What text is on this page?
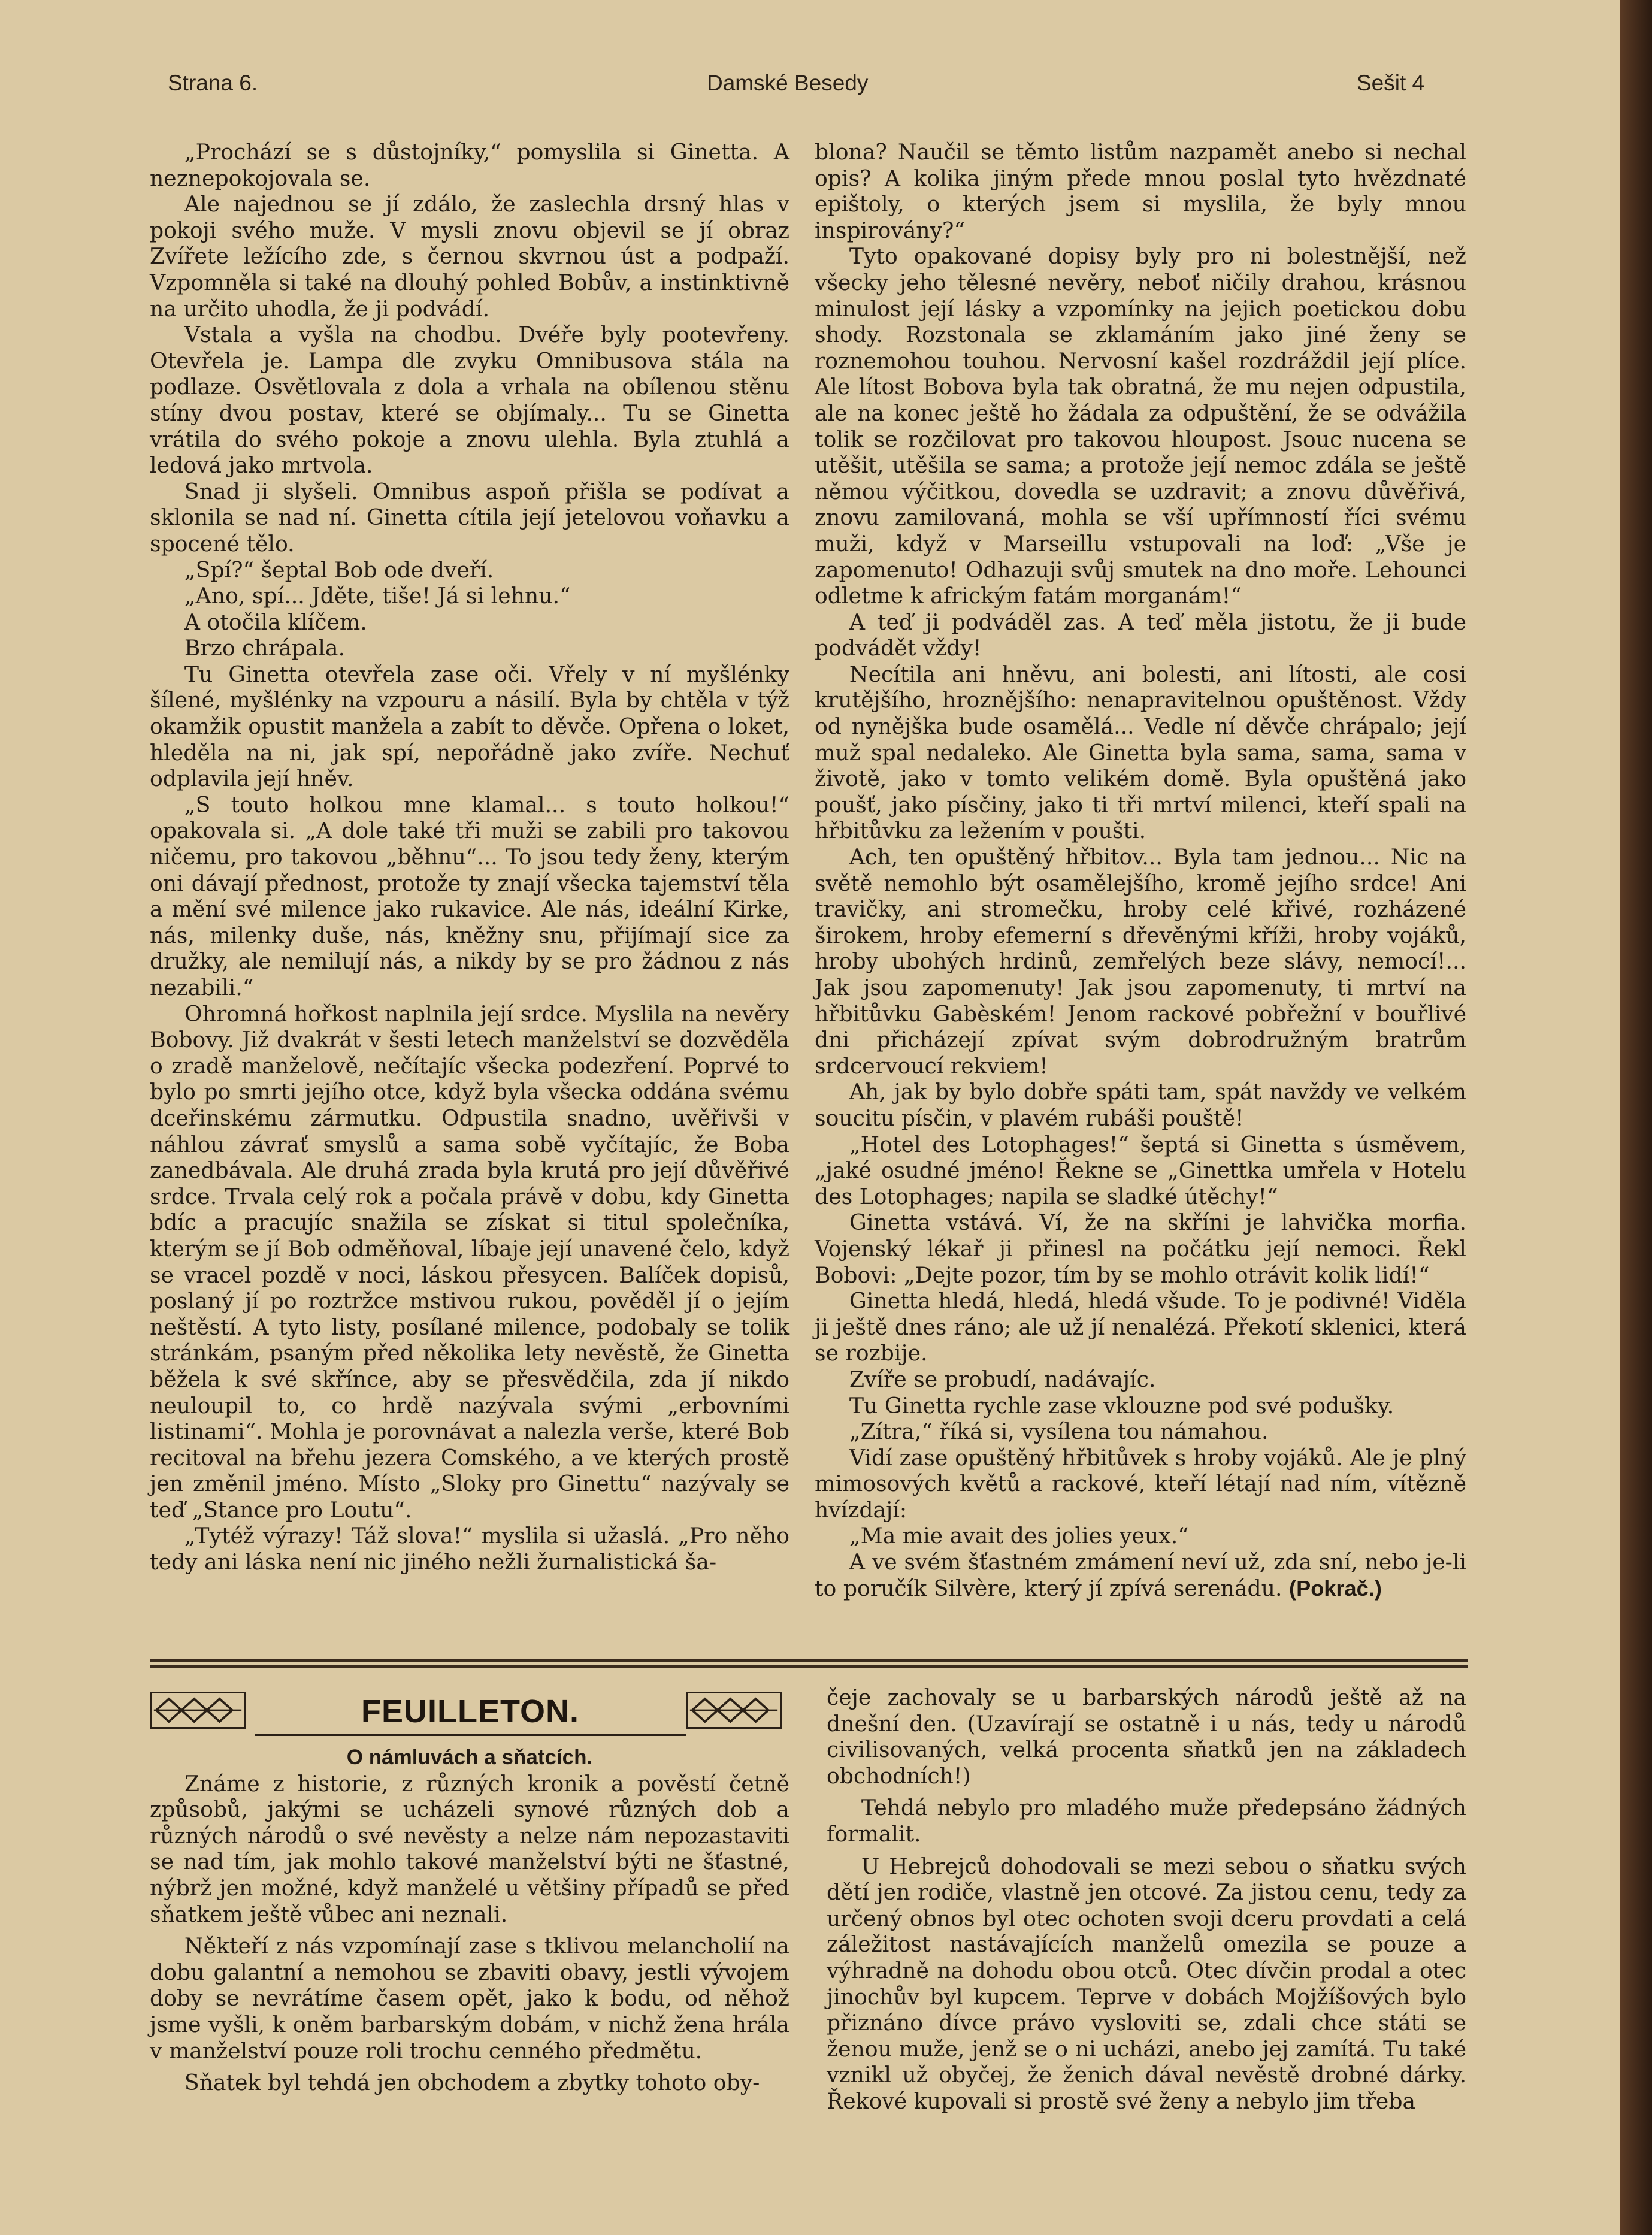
Strana 6.	Damské Besedy	Sešit 4

„Prochází se s důstojníky,“ pomyslila si Ginetta. A neznepokojovala se.

Ale najednou se jí zdálo, že zaslechla drsný hlas v pokoji svého muže. V mysli znovu objevil se jí obraz Zvířete ležícího zde, s černou skvrnou úst a podpaží. Vzpomněla si také na dlouhý pohled Bobův, a instinktivně na určito uhodla, že ji podvádí.

Vstala a vyšla na chodbu. Dvéře byly pootevřeny. Otevřela je. Lampa dle zvyku Omnibusova stála na podlaze. Osvětlovala z dola a vrhala na obílenou stěnu stíny dvou postav, které se objímaly... Tu se Ginetta vrátila do svého pokoje a znovu ulehla. Byla ztuhlá a ledová jako mrtvola.

Snad ji slyšeli. Omnibus aspoň přišla se podívat a sklonila se nad ní. Ginetta cítila její jetelovou voňavku a spocené tělo.

„Spí?“ šeptal Bob ode dveří.

„Ano, spí... Jděte, tiše! Já si lehnu.“

A otočila klíčem.

Brzo chrápala.

Tu Ginetta otevřela zase oči. Vřely v ní myšlénky šílené, myšlénky na vzpouru a násilí. Byla by chtěla v týž okamžik opustit manžela a zabít to děvče. Opřena o loket, hleděla na ni, jak spí, nepořádně jako zvíře. Nechuť odplavila její hněv.

„S touto holkou mne klamal... s touto holkou!“ opakovala si. „A dole také tři muži se zabili pro takovou ničemu, pro takovou „běhnu“... To jsou tedy ženy, kterým oni dávají přednost, protože ty znají všecka tajemství těla a mění své milence jako rukavice. Ale nás, ideální Kirke, nás, milenky duše, nás, kněžny snu, přijímají sice za družky, ale nemilují nás, a nikdy by se pro žádnou z nás nezabili.“

Ohromná hořkost naplnila její srdce. Myslila na nevěry Bobovy. Již dvakrát v šesti letech manželství se dozvěděla o zradě manželově, nečítajíc všecka podezření. Poprvé to bylo po smrti jejího otce, když byla všecka oddána svému dceřinskému zármutku. Odpustila snadno, uvěřivši v náhlou závrať smyslů a sama sobě vyčítajíc, že Boba zanedbávala. Ale druhá zrada byla krutá pro její důvěřivé srdce. Trvala celý rok a počala právě v dobu, kdy Ginetta bdíc a pracujíc snažila se získat si titul společníka, kterým se jí Bob odměňoval, líbaje její unavené čelo, když se vracel pozdě v noci, láskou přesycen. Balíček dopisů, poslaný jí po roztržce mstivou rukou, pověděl jí o jejím neštěstí. A tyto listy, posílané milence, podobaly se tolik stránkám, psaným před několika lety nevěstě, že Ginetta běžela k své skřínce, aby se přesvědčila, zda jí nikdo neuloupil to, co hrdě nazývala svými „erbovními listinami“. Mohla je porovnávat a nalezla verše, které Bob recitoval na břehu jezera Comského, a ve kterých prostě jen změnil jméno. Místo „Sloky pro Ginettu“ nazývaly se teď „Stance pro Loutu“.

„Tytéž výrazy! Táž slova!“ myslila si užaslá. „Pro něho tedy ani láska není nic jiného nežli žurnalistická ša-

blona? Naučil se těmto listům nazpamět anebo si nechal opis? A kolika jiným přede mnou poslal tyto hvězdnaté epištoly, o kterých jsem si myslila, že byly mnou inspirovány?“

Tyto opakované dopisy byly pro ni bolestnější, než všecky jeho tělesné nevěry, neboť ničily drahou, krásnou minulost její lásky a vzpomínky na jejich poetickou dobu shody. Rozstonala se zklamáním jako jiné ženy se roznemohou touhou. Nervosní kašel rozdráždil její plíce. Ale lítost Bobova byla tak obratná, že mu nejen odpustila, ale na konec ještě ho žádala za odpuštění, že se odvážila tolik se rozčilovat pro takovou hloupost. Jsouc nucena se utěšit, utěšila se sama; a protože její nemoc zdála se ještě němou výčitkou, dovedla se uzdravit; a znovu důvěřivá, znovu zamilovaná, mohla se vší upřímností říci svému muži, když v Marseillu vstupovali na loď: „Vše je zapomenuto! Odhazuji svůj smutek na dno moře. Lehounci odletme k africkým fatám morganám!“

A teď ji podváděl zas. A teď měla jistotu, že ji bude podvádět vždy!

Necítila ani hněvu, ani bolesti, ani lítosti, ale cosi krutějšího, hroznějšího: nenapravitelnou opuštěnost. Vždy od nynějška bude osamělá... Vedle ní děvče chrápalo; její muž spal nedaleko. Ale Ginetta byla sama, sama, sama v životě, jako v tomto velikém domě. Byla opuštěná jako poušť, jako písčiny, jako ti tři mrtví milenci, kteří spali na hřbitůvku za ležením v poušti.

Ach, ten opuštěný hřbitov... Byla tam jednou... Nic na světě nemohlo být osamělejšího, kromě jejího srdce! Ani travičky, ani stromečku, hroby celé křivé, rozházené širokem, hroby efemerní s dřevěnými kříži, hroby vojáků, hroby ubohých hrdinů, zemřelých beze slávy, nemocí!... Jak jsou zapomenuty! Jak jsou zapomenuty, ti mrtví na hřbitůvku Gabèském! Jenom rackové pobřežní v bouřlivé dni přicházejí zpívat svým dobrodružným bratrům srdcervoucí rekviem!

Ah, jak by bylo dobře spáti tam, spát navždy ve velkém soucitu písčin, v plavém rubáši pouště!

„Hotel des Lotophages!“ šeptá si Ginetta s úsměvem, „jaké osudné jméno! Řekne se „Ginettka umřela v Hotelu des Lotophages; napila se sladké útěchy!“

Ginetta vstává. Ví, že na skříni je lahvička morfia. Vojenský lékař ji přinesl na počátku její nemoci. Řekl Bobovi: „Dejte pozor, tím by se mohlo otrávit kolik lidí!“

Ginetta hledá, hledá, hledá všude. To je podivné! Viděla ji ještě dnes ráno; ale už jí nenalézá. Překotí sklenici, která se rozbije.

Zvíře se probudí, nadávajíc.

Tu Ginetta rychle zase vklouzne pod své podušky.

„Zítra,“ říká si, vysílena tou námahou.

Vidí zase opuštěný hřbitůvek s hroby vojáků. Ale je plný mimosových květů a rackové, kteří létají nad ním, vítězně hvízdají:

„Ma mie avait des jolies yeux.“

A ve svém šťastném zmámení neví už, zda sní, nebo je-li to poručík Silvère, který jí zpívá serenádu. (Pokrač.)

FEUILLETON.

O námluvách a sňatcích.

Známe z historie, z různých kronik a pověstí četně způsobů, jakými se ucházeli synové různých dob a různých národů o své nevěsty a nelze nám nepozastaviti se nad tím, jak mohlo takové manželství býti ne šťastné, nýbrž jen možné, když manželé u většiny případů se před sňatkem ještě vůbec ani neznali.

Někteří z nás vzpomínají zase s tklivou melancholií na dobu galantní a nemohou se zbaviti obavy, jestli vývojem doby se nevrátíme časem opět, jako k bodu, od něhož jsme vyšli, k oněm barbarským dobám, v nichž žena hrála v manželství pouze roli trochu cenného předmětu.

Sňatek byl tehdá jen obchodem a zbytky tohoto oby-

čeje zachovaly se u barbarských národů ještě až na dnešní den. (Uzavírají se ostatně i u nás, tedy u národů civilisovaných, velká procenta sňatků jen na základech obchodních!)

Tehdá nebylo pro mladého muže předepsáno žádných formalit.

U Hebrejců dohodovali se mezi sebou o sňatku svých dětí jen rodiče, vlastně jen otcové. Za jistou cenu, tedy za určený obnos byl otec ochoten svoji dceru provdati a celá záležitost nastávajících manželů omezila se pouze a výhradně na dohodu obou otců. Otec dívčin prodal a otec jinochův byl kupcem. Teprve v dobách Mojžíšových bylo přiznáno dívce právo vysloviti se, zdali chce státi se ženou muže, jenž se o ni ucházi, anebo jej zamítá. Tu také vznikl už obyčej, že ženich dával nevěstě drobné dárky. Řekové kupovali si prostě své ženy a nebylo jim třeba
